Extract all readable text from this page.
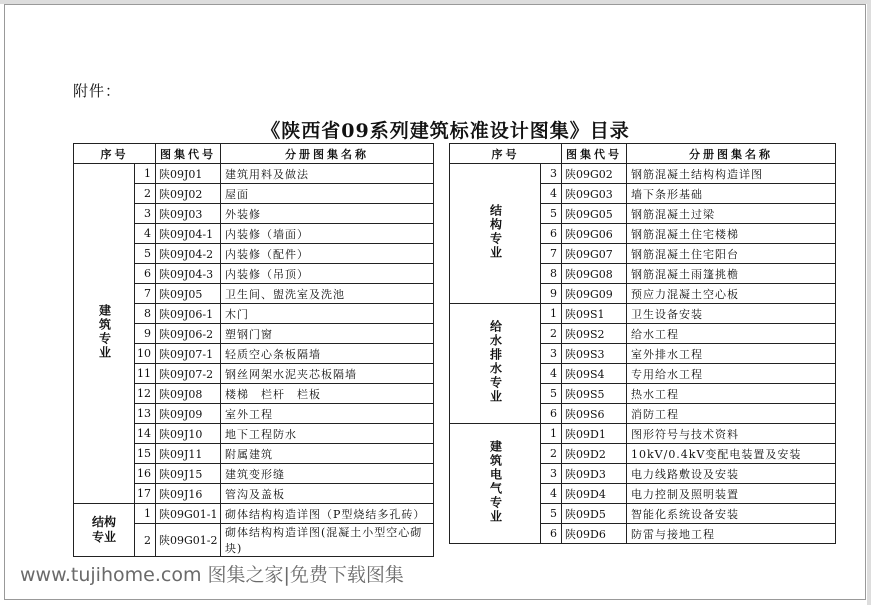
附件：
《陕西省09系列建筑标准设计图集》目录
序号		图集代号	分册图集名称
建筑专业	1	陕09J01	建筑用料及做法
	2	陕09J02	屋面
	3	陕09J03	外装修
	4	陕09J04-1	内装修（墙面）
	5	陕09J04-2	内装修（配件）
	6	陕09J04-3	内装修（吊顶）
	7	陕09J05	卫生间、盥洗室及洗池
	8	陕09J06-1	木门
	9	陕09J06-2	塑钢门窗
	10	陕09J07-1	轻质空心条板隔墙
	11	陕09J07-2	钢丝网架水泥夹芯板隔墙
	12	陕09J08	楼梯　栏杆　栏板
	13	陕09J09	室外工程
	14	陕09J10	地下工程防水
	15	陕09J11	附属建筑
	16	陕09J15	建筑变形缝
	17	陕09J16	管沟及盖板
结构专业	1	陕09G01-1	砌体结构构造详图（P型烧结多孔砖）
	2	陕09G01-2	砌体结构构造详图(混凝土小型空心砌块)
序号		图集代号	分册图集名称
结构专业	3	陕09G02	钢筋混凝土结构构造详图
	4	陕09G03	墙下条形基础
	5	陕09G05	钢筋混凝土过梁
	6	陕09G06	钢筋混凝土住宅楼梯
	7	陕09G07	钢筋混凝土住宅阳台
	8	陕09G08	钢筋混凝土雨篷挑檐
	9	陕09G09	预应力混凝土空心板
给水排水专业	1	陕09S1	卫生设备安装
	2	陕09S2	给水工程
	3	陕09S3	室外排水工程
	4	陕09S4	专用给水工程
	5	陕09S5	热水工程
	6	陕09S6	消防工程
建筑电气专业	1	陕09D1	图形符号与技术资料
	2	陕09D2	10kV/0.4kV变配电装置及安装
	3	陕09D3	电力线路敷设及安装
	4	陕09D4	电力控制及照明装置
	5	陕09D5	智能化系统设备安装
	6	陕09D6	防雷与接地工程
www.tujihome.com 图集之家|免费下载图集
